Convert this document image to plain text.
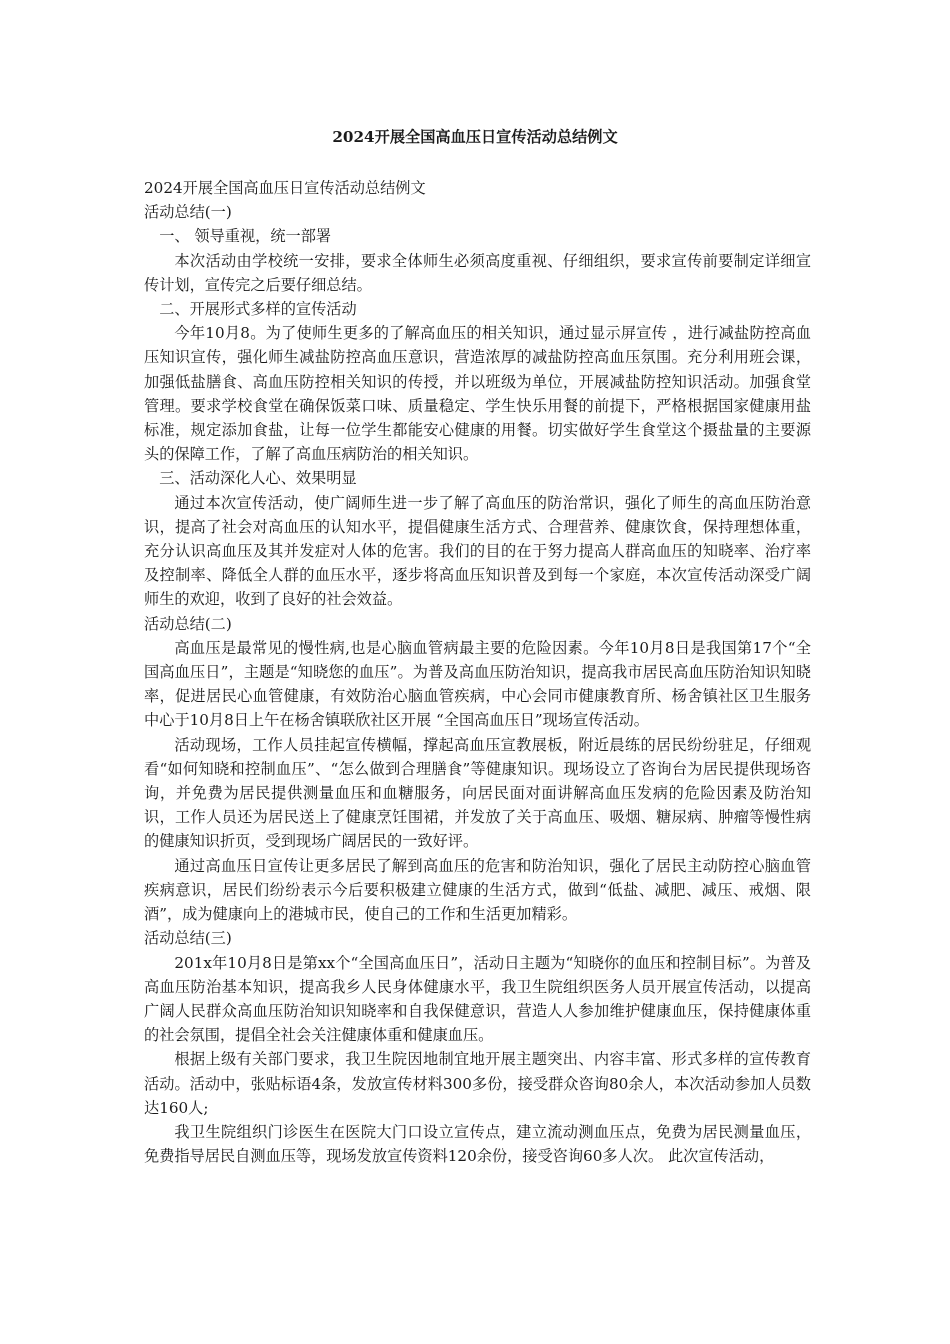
2024开展全国高血压日宣传活动总结例文

2024开展全国高血压日宣传活动总结例文

活动总结(一)

一、 领导重视，统一部署

本次活动由学校统一安排，要求全体师生必须高度重视、仔细组织，要求宣传前要制定详细宣传计划，宣传完之后要仔细总结。

二、开展形式多样的宣传活动

今年10月8。为了使师生更多的了解高血压的相关知识，通过显示屏宣传 ，进行减盐防控高血压知识宣传，强化师生减盐防控高血压意识，营造浓厚的减盐防控高血压氛围。充分利用班会课，加强低盐膳食、高血压防控相关知识的传授，并以班级为单位，开展减盐防控知识活动。加强食堂管理。要求学校食堂在确保饭菜口味、质量稳定、学生快乐用餐的前提下，严格根据国家健康用盐标准，规定添加食盐，让每一位学生都能安心健康的用餐。切实做好学生食堂这个摄盐量的主要源头的保障工作，了解了高血压病防治的相关知识。

三、活动深化人心、效果明显

通过本次宣传活动，使广阔师生进一步了解了高血压的防治常识，强化了师生的高血压防治意识，提高了社会对高血压的认知水平，提倡健康生活方式、合理营养、健康饮食，保持理想体重，充分认识高血压及其并发症对人体的危害。我们的目的在于努力提高人群高血压的知晓率、治疗率及控制率、降低全人群的血压水平，逐步将高血压知识普及到每一个家庭，本次宣传活动深受广阔师生的欢迎，收到了良好的社会效益。

活动总结(二)

高血压是最常见的慢性病,也是心脑血管病最主要的危险因素。今年10月8日是我国第17个“全国高血压日”，主题是“知晓您的血压”。为普及高血压防治知识，提高我市居民高血压防治知识知晓率，促进居民心血管健康，有效防治心脑血管疾病，中心会同市健康教育所、杨舍镇社区卫生服务中心于10月8日上午在杨舍镇联欣社区开展 “全国高血压日”现场宣传活动。

活动现场，工作人员挂起宣传横幅，撑起高血压宣教展板，附近晨练的居民纷纷驻足，仔细观看“如何知晓和控制血压”、“怎么做到合理膳食”等健康知识。现场设立了咨询台为居民提供现场咨询，并免费为居民提供测量血压和血糖服务，向居民面对面讲解高血压发病的危险因素及防治知识，工作人员还为居民送上了健康烹饪围裙，并发放了关于高血压、吸烟、糖尿病、肿瘤等慢性病的健康知识折页，受到现场广阔居民的一致好评。

通过高血压日宣传让更多居民了解到高血压的危害和防治知识，强化了居民主动防控心脑血管疾病意识，居民们纷纷表示今后要积极建立健康的生活方式，做到“低盐、减肥、减压、戒烟、限酒”，成为健康向上的港城市民，使自己的工作和生活更加精彩。

活动总结(三)

201x年10月8日是第xx个“全国高血压日”，活动日主题为“知晓你的血压和控制目标”。为普及高血压防治基本知识，提高我乡人民身体健康水平，我卫生院组织医务人员开展宣传活动，以提高广阔人民群众高血压防治知识知晓率和自我保健意识，营造人人参加维护健康血压，保持健康体重的社会氛围，提倡全社会关注健康体重和健康血压。

根据上级有关部门要求，我卫生院因地制宜地开展主题突出、内容丰富、形式多样的宣传教育活动。活动中，张贴标语4条，发放宣传材料300多份，接受群众咨询80余人，本次活动参加人员数达160人;

我卫生院组织门诊医生在医院大门口设立宣传点，建立流动测血压点，免费为居民测量血压，免费指导居民自测血压等，现场发放宣传资料120余份，接受咨询60多人次。 此次宣传活动，
